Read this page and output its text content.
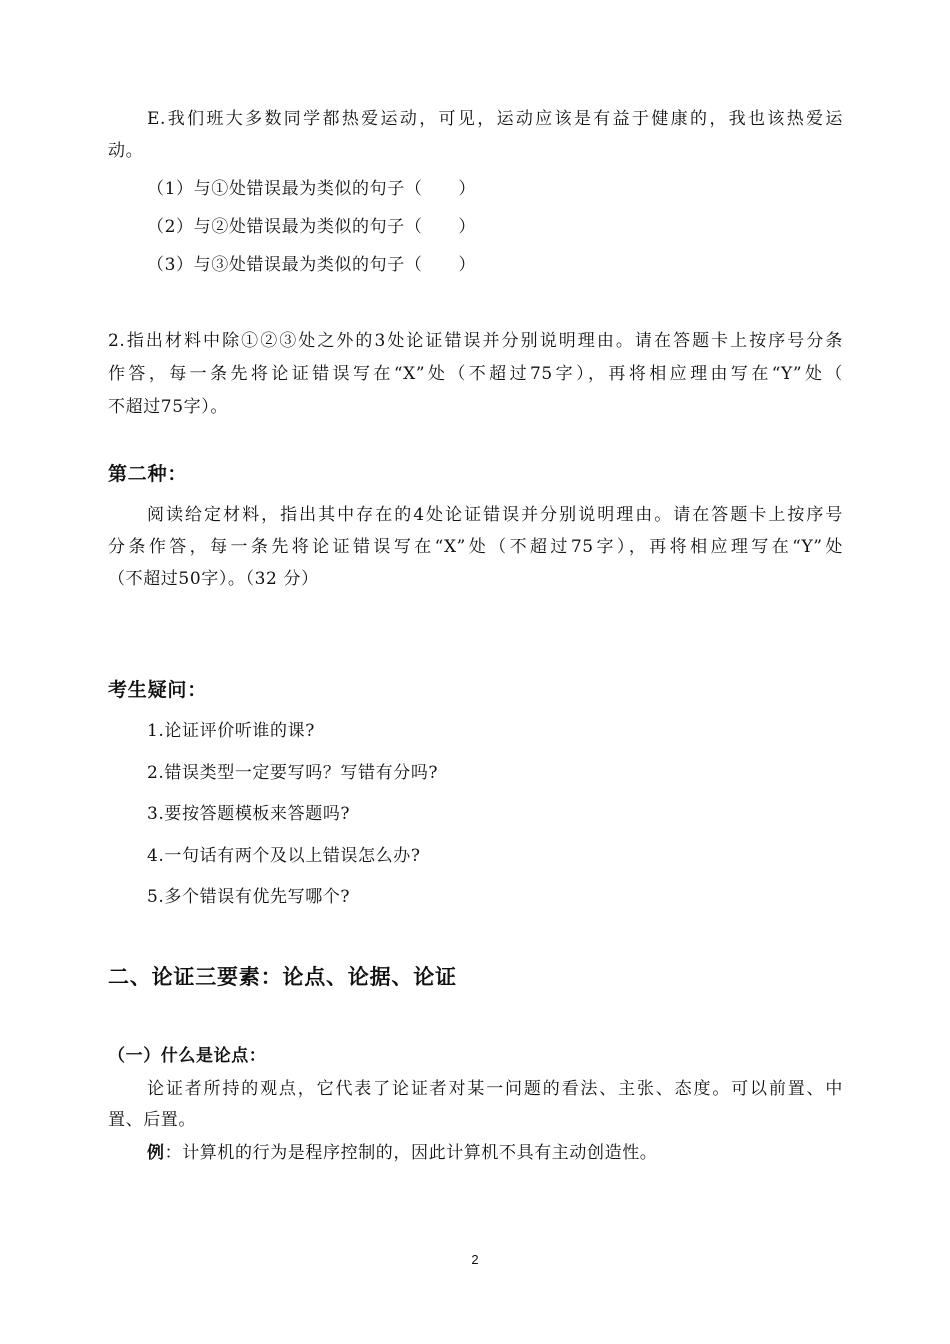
E.我们班大多数同学都热爱运动，可见，运动应该是有益于健康的，我也该热爱运
动。
（1）与①处错误最为类似的句子（ ）
（2）与②处错误最为类似的句子（ ）
（3）与③处错误最为类似的句子（ ）
2.指出材料中除①②③处之外的3处论证错误并分别说明理由。请在答题卡上按序号分条
作答，每一条先将论证错误写在“X”处（不超过75字），再将相应理由写在“Y”处（
不超过75字）。
第二种：
阅读给定材料，指出其中存在的4处论证错误并分别说明理由。请在答题卡上按序号
分条作答，每一条先将论证错误写在“X”处（不超过75字），再将相应理写在“Y”处
（不超过50字）。（32 分）
考生疑问：
1.论证评价听谁的课?
2.错误类型一定要写吗？写错有分吗?
3.要按答题模板来答题吗?
4.一句话有两个及以上错误怎么办?
5.多个错误有优先写哪个?
二、论证三要素：论点、论据、论证
（一）什么是论点：
论证者所持的观点，它代表了论证者对某一问题的看法、主张、态度。可以前置、中
置、后置。
例：计算机的行为是程序控制的，因此计算机不具有主动创造性。
2
